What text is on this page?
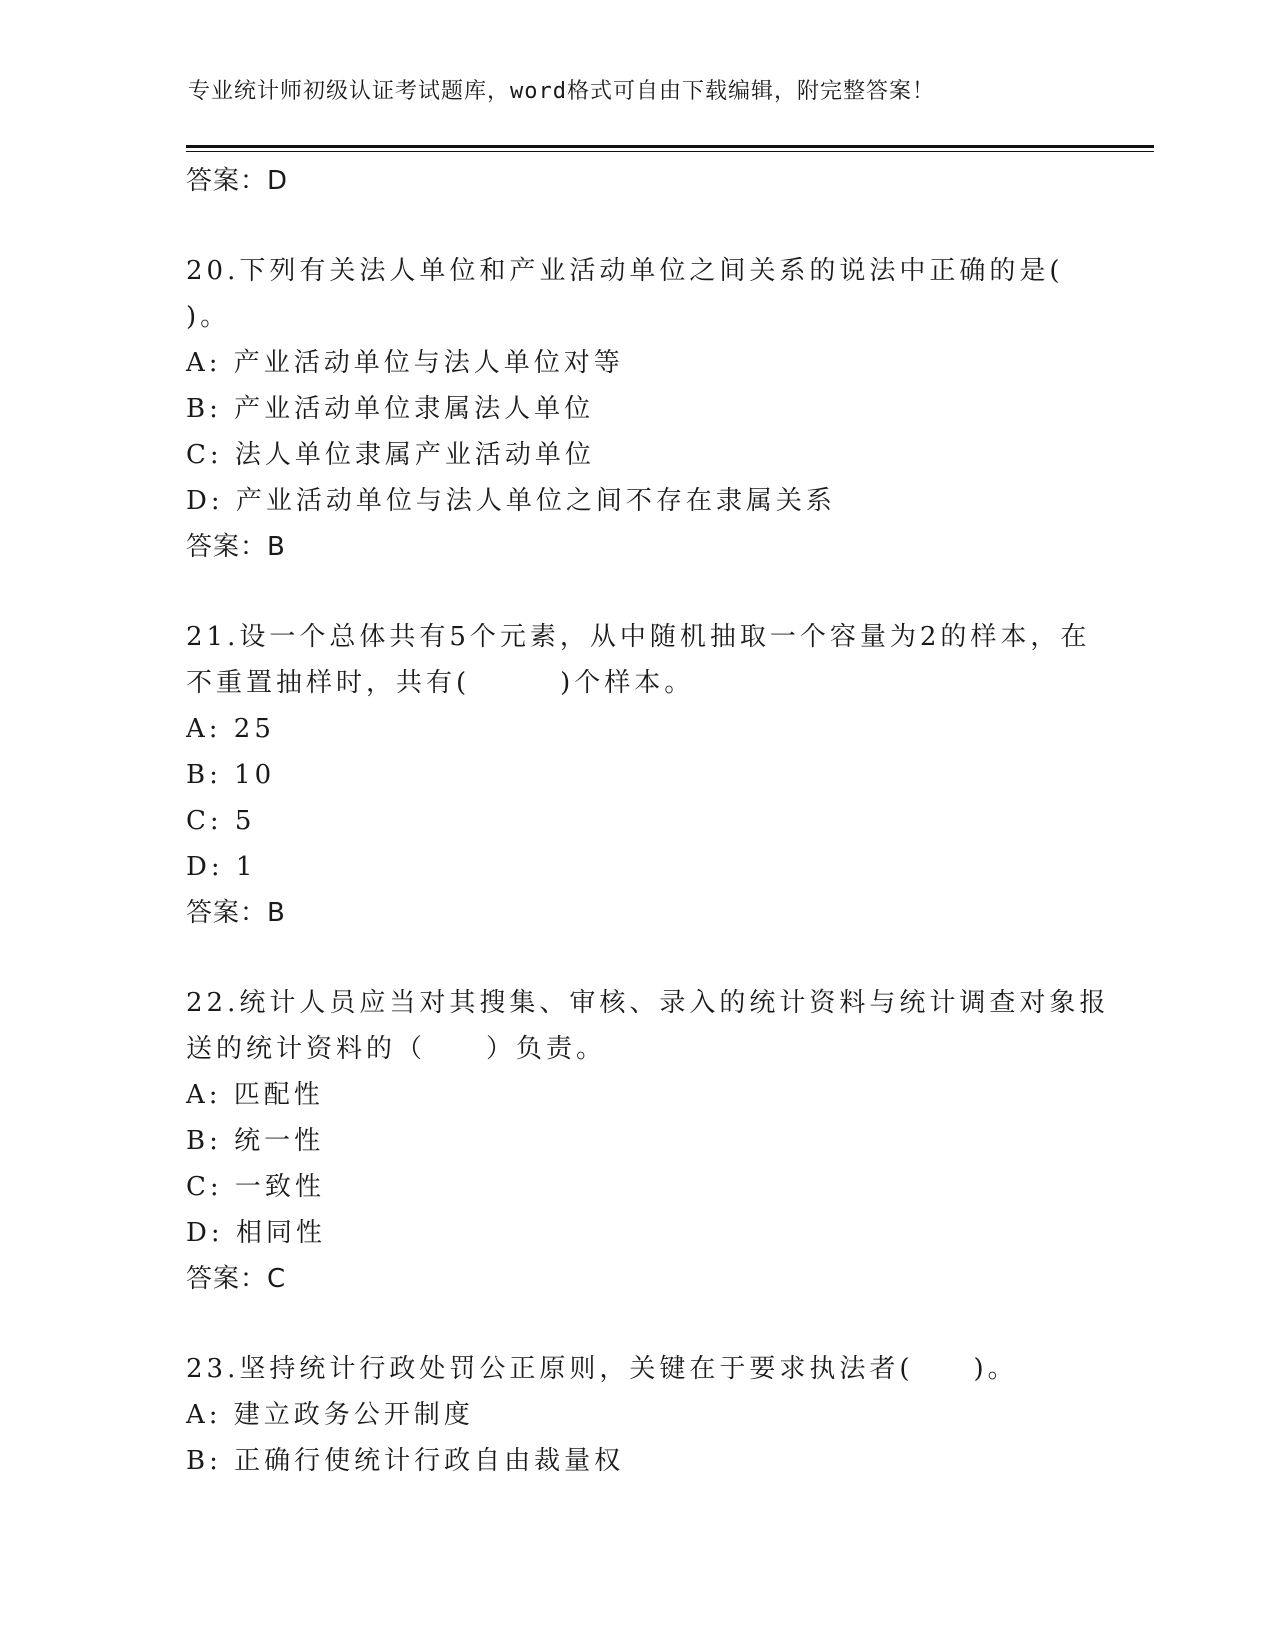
专业统计师初级认证考试题库，word格式可自由下载编辑，附完整答案！
答案：D
20.下列有关法人单位和产业活动单位之间关系的说法中正确的是(
)。
A: 产业活动单位与法人单位对等
B: 产业活动单位隶属法人单位
C: 法人单位隶属产业活动单位
D: 产业活动单位与法人单位之间不存在隶属关系
答案：B
21.设一个总体共有5个元素，从中随机抽取一个容量为2的样本，在
不重置抽样时，共有(　　　)个样本。
A: 25
B: 10
C: 5
D: 1
答案：B
22.统计人员应当对其搜集、审核、录入的统计资料与统计调查对象报
送的统计资料的（　　）负责。
A: 匹配性
B: 统一性
C: 一致性
D: 相同性
答案：C
23.坚持统计行政处罚公正原则，关键在于要求执法者(　　)。
A: 建立政务公开制度
B: 正确行使统计行政自由裁量权
